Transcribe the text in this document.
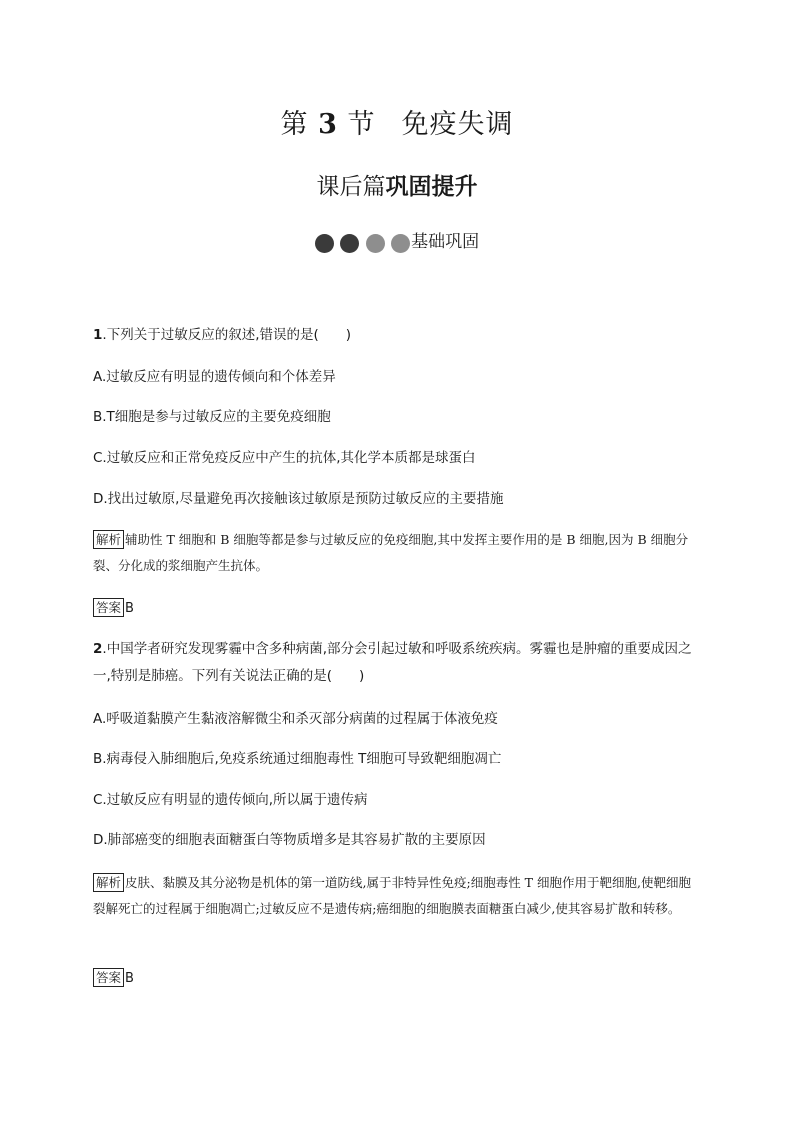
第 3 节 免疫失调
课后篇巩固提升
基础巩固
1.下列关于过敏反应的叙述,错误的是(　　)
A.过敏反应有明显的遗传倾向和个体差异
B.T细胞是参与过敏反应的主要免疫细胞
C.过敏反应和正常免疫反应中产生的抗体,其化学本质都是球蛋白
D.找出过敏原,尽量避免再次接触该过敏原是预防过敏反应的主要措施
解析 辅助性 T 细胞和 B 细胞等都是参与过敏反应的免疫细胞,其中发挥主要作用的是 B 细胞,因为 B 细胞分裂、分化成的浆细胞产生抗体。
答案 B
2.中国学者研究发现雾霾中含多种病菌,部分会引起过敏和呼吸系统疾病。雾霾也是肿瘤的重要成因之一,特别是肺癌。下列有关说法正确的是(　　)
A.呼吸道黏膜产生黏液溶解微尘和杀灭部分病菌的过程属于体液免疫
B.病毒侵入肺细胞后,免疫系统通过细胞毒性 T细胞可导致靶细胞凋亡
C.过敏反应有明显的遗传倾向,所以属于遗传病
D.肺部癌变的细胞表面糖蛋白等物质增多是其容易扩散的主要原因
解析 皮肤、黏膜及其分泌物是机体的第一道防线,属于非特异性免疫;细胞毒性 T 细胞作用于靶细胞,使靶细胞裂解死亡的过程属于细胞凋亡;过敏反应不是遗传病;癌细胞的细胞膜表面糖蛋白减少,使其容易扩散和转移。
答案 B
